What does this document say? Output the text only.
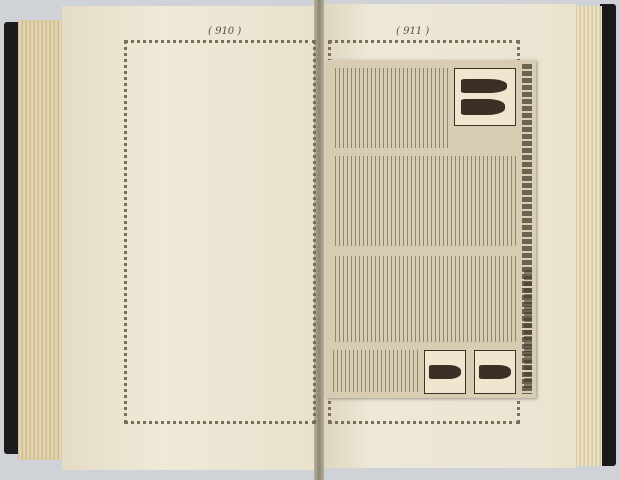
( 910 )	( 911 )
